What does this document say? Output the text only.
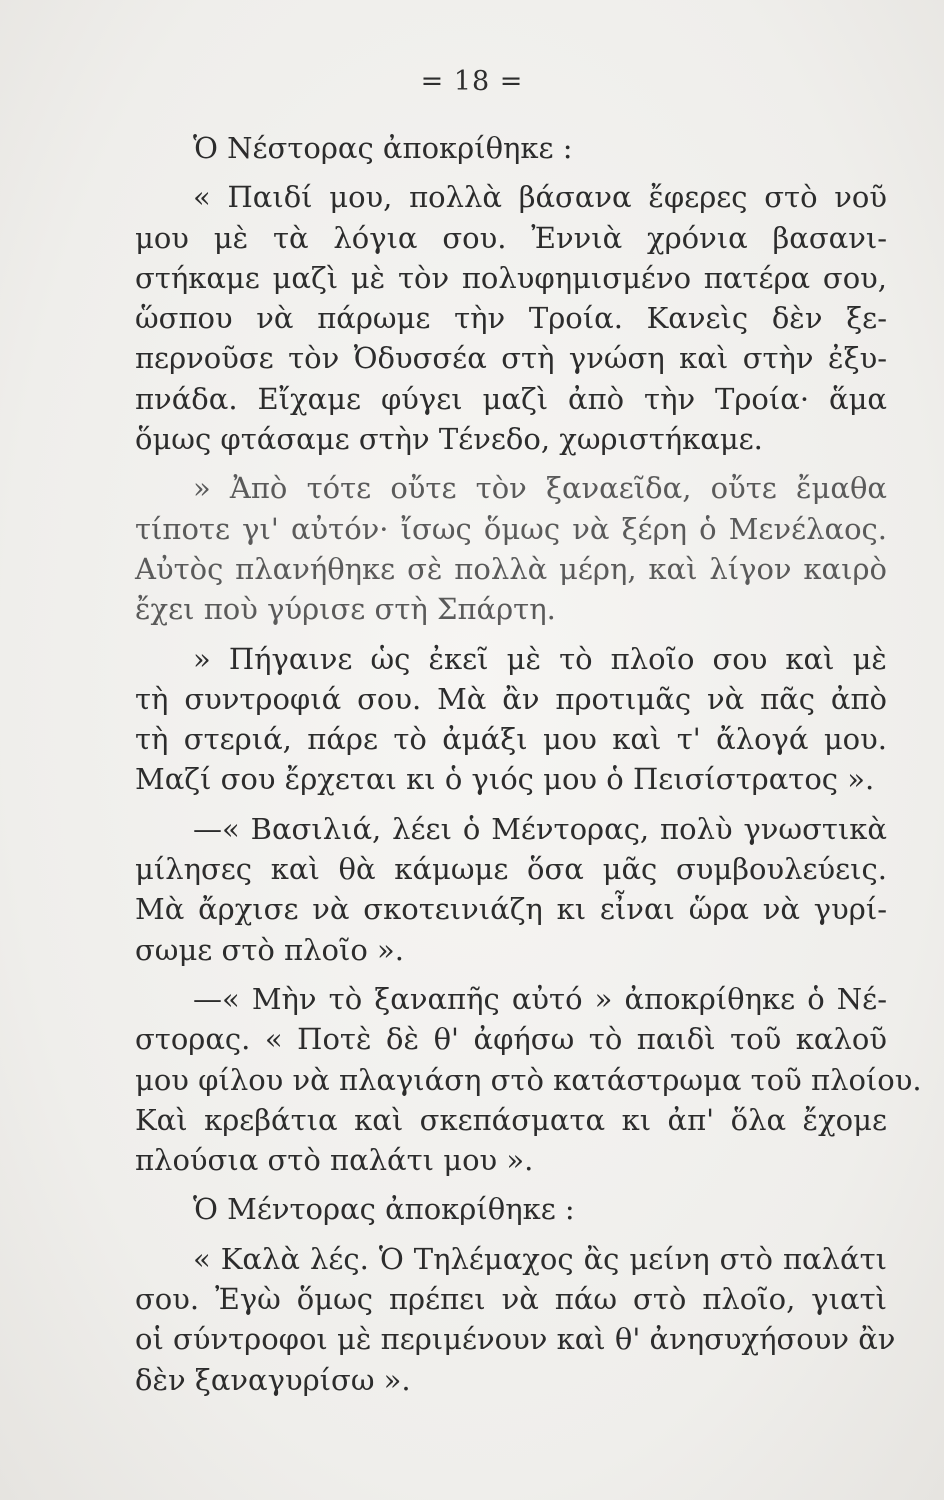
= 18 =
Ὁ Νέστορας ἀποκρίθηκε :
« Παιδί μου, πολλὰ βάσανα ἔφερες στὸ νοῦ
μου μὲ τὰ λόγια σου. Ἐννιὰ χρόνια βασανι-
στήκαμε μαζὶ μὲ τὸν πολυφημισμένο πατέρα σου,
ὥσπου νὰ πάρωμε τὴν Τροία. Κανεὶς δὲν ξε-
περνοῦσε τὸν Ὀδυσσέα στὴ γνώση καὶ στὴν ἐξυ-
πνάδα. Εἴχαμε φύγει μαζὶ ἀπὸ τὴν Τροία· ἅμα
ὅμως φτάσαμε στὴν Τένεδο, χωριστήκαμε.
» Ἀπὸ τότε οὔτε τὸν ξαναεῖδα, οὔτε ἔμαθα
τίποτε γι' αὐτόν· ἴσως ὅμως νὰ ξέρη ὁ Μενέλαος.
Αὐτὸς πλανήθηκε σὲ πολλὰ μέρη, καὶ λίγον καιρὸ
ἔχει ποὺ γύρισε στὴ Σπάρτη.
» Πήγαινε ὡς ἐκεῖ μὲ τὸ πλοῖο σου καὶ μὲ
τὴ συντροφιά σου. Μὰ ἂν προτιμᾶς νὰ πᾶς ἀπὸ
τὴ στεριά, πάρε τὸ ἀμάξι μου καὶ τ' ἄλογά μου.
Μαζί σου ἔρχεται κι ὁ γιός μου ὁ Πεισίστρατος ».
—« Βασιλιά, λέει ὁ Μέντορας, πολὺ γνωστικὰ
μίλησες καὶ θὰ κάμωμε ὅσα μᾶς συμβουλεύεις.
Μὰ ἄρχισε νὰ σκοτεινιάζη κι εἶναι ὥρα νὰ γυρί-
σωμε στὸ πλοῖο ».
—« Μὴν τὸ ξαναπῆς αὐτό » ἀποκρίθηκε ὁ Νέ-
στορας. « Ποτὲ δὲ θ' ἀφήσω τὸ παιδὶ τοῦ καλοῦ
μου φίλου νὰ πλαγιάση στὸ κατάστρωμα τοῦ πλοίου.
Καὶ κρεβάτια καὶ σκεπάσματα κι ἀπ' ὅλα ἔχομε
πλούσια στὸ παλάτι μου ».
Ὁ Μέντορας ἀποκρίθηκε :
« Καλὰ λές. Ὁ Τηλέμαχος ἂς μείνη στὸ παλάτι
σου. Ἐγὼ ὅμως πρέπει νὰ πάω στὸ πλοῖο, γιατὶ
οἱ σύντροφοι μὲ περιμένουν καὶ θ' ἀνησυχήσουν ἂν
δὲν ξαναγυρίσω ».
